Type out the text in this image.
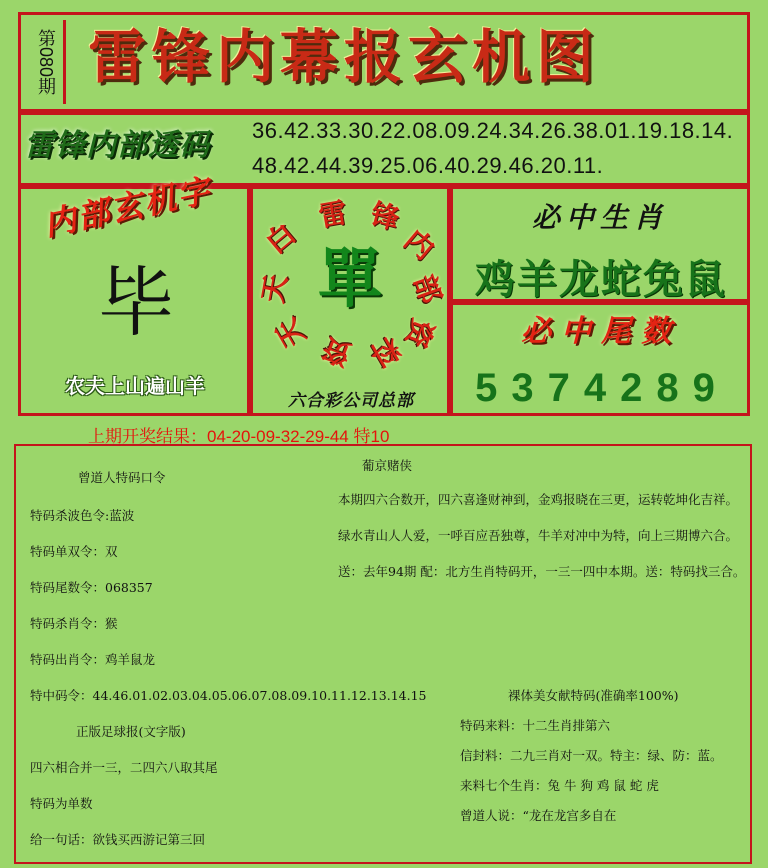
第080期 雷锋内幕报玄机图
雷锋内部透码	36.42.33.30.22.08.09.24.34.26.38.01.19.18.14.
48.42.44.39.25.06.40.29.46.20.11.
内部玄机字
毕
农夫上山遍山羊
白
雷 锋
内
部
资
料
资
天
天 單
六合彩公司总部
必中生肖
鸡羊龙蛇兔鼠
必中尾数
5374289
上期开奖结果：04-20-09-32-29-44 特10
曾道人特码口令
特码杀波色令:蓝波
特码单双令：双
特码尾数令：068357
特码杀肖令：猴
特码出肖令：鸡羊鼠龙
特中码令：44.46.01.02.03.04.05.06.07.08.09.10.11.12.13.14.15
正版足球报(文字版)
四六相合并一三，二四六八取其尾
特码为单数
给一句话：欲钱买西游记第三回
葡京赌侠
本期四六合数开，四六喜逢财神到，金鸡报晓在三更，运转乾坤化吉祥。
绿水青山人人爱，一呼百应吾独尊，牛羊对冲中为特，向上三期博六合。
送：去年94期 配：北方生肖特码开，一三一四中本期。送：特码找三合。
裸体美女献特码(准确率100%)
特码来料：十二生肖排第六
信封料：二九三肖对一双。特主：绿、防：蓝。
来料七个生肖：兔 牛 狗 鸡 鼠 蛇 虎
曾道人说：“龙在龙宫多自在
